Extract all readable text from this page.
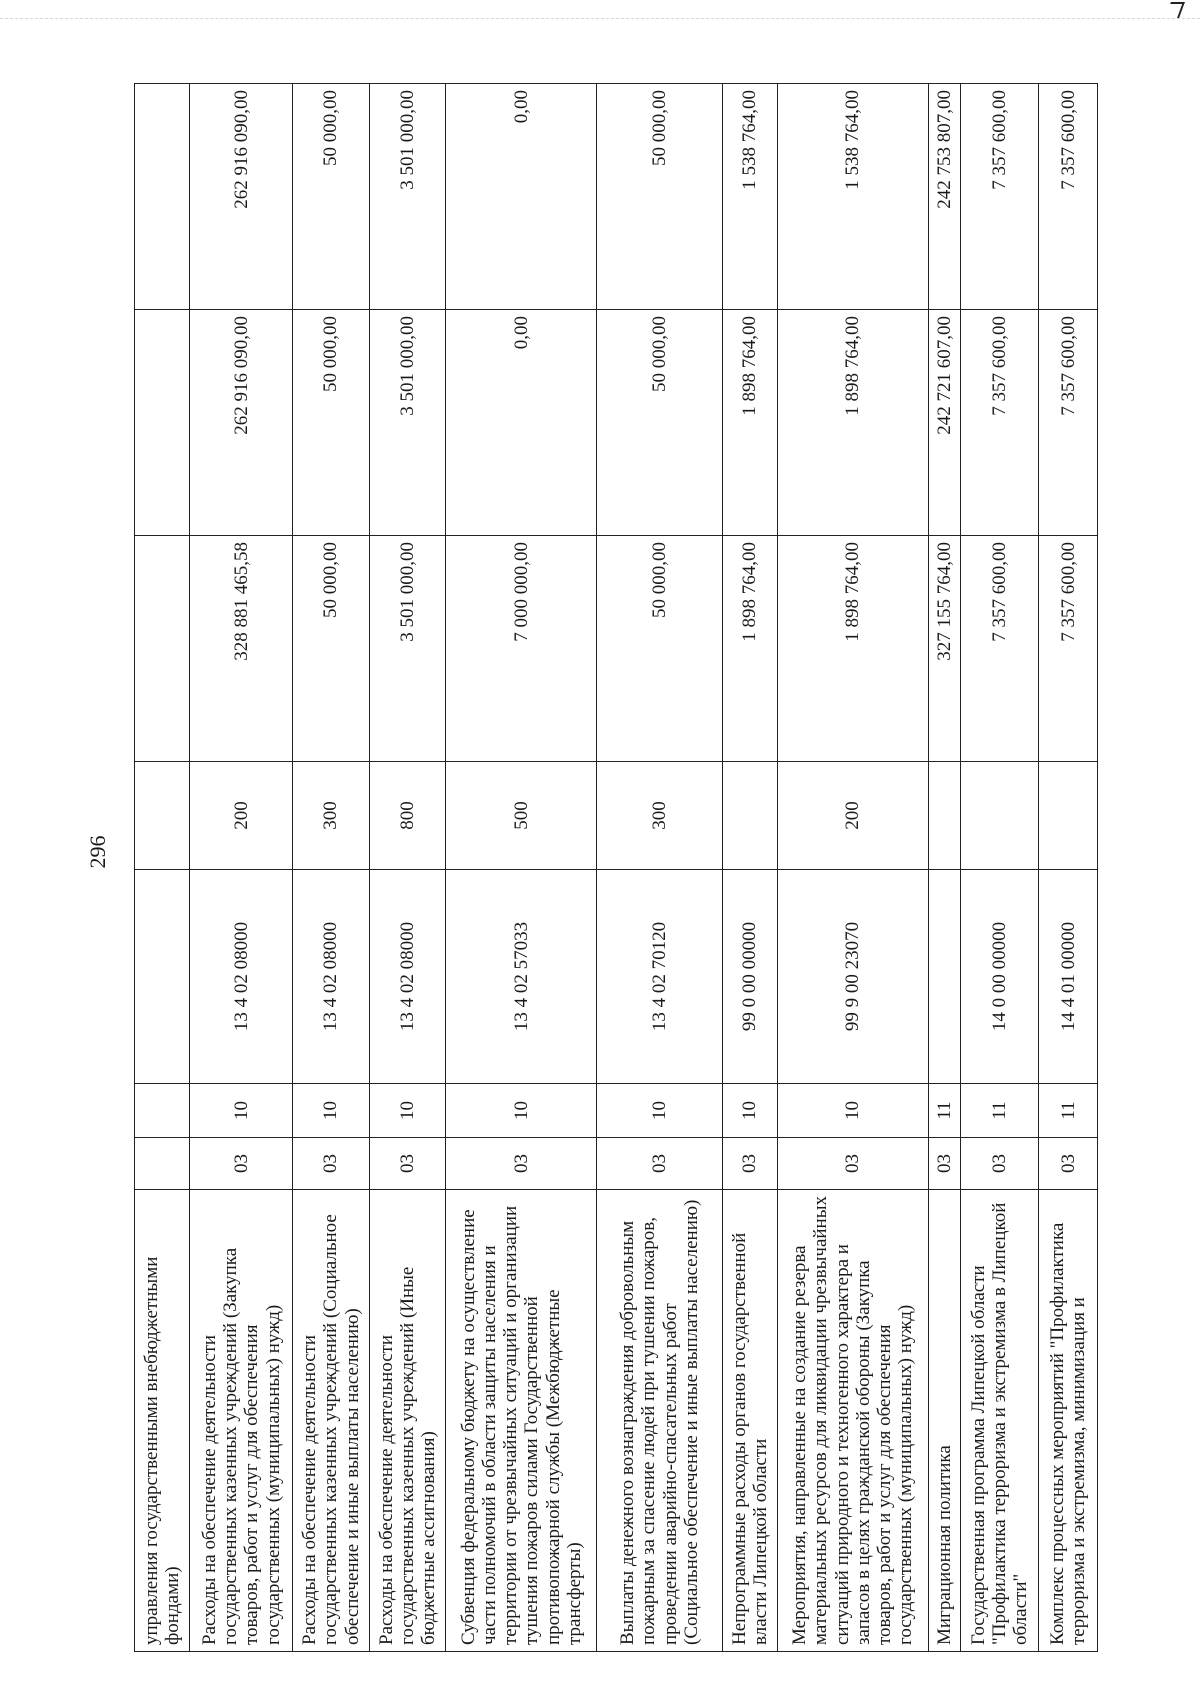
296
управления государственными внебюджетными фондами)							
Расходы на обеспечение деятельности государственных казенных учреждений (Закупка товаров, работ и услуг для обеспечения государственных (муниципальных) нужд)	03	10	13 4 02 08000	200	328 881 465,58	262 916 090,00	262 916 090,00
Расходы на обеспечение деятельности государственных казенных учреждений (Социальное обеспечение и иные выплаты населению)	03	10	13 4 02 08000	300	50 000,00	50 000,00	50 000,00
Расходы на обеспечение деятельности государственных казенных учреждений (Иные бюджетные ассигнования)	03	10	13 4 02 08000	800	3 501 000,00	3 501 000,00	3 501 000,00
Субвенция федеральному бюджету на осуществление части полномочий в области защиты населения и территории от чрезвычайных ситуаций и организации тушения пожаров силами Государственной противопожарной службы (Межбюджетные трансферты)	03	10	13 4 02 57033	500	7 000 000,00	0,00	0,00
Выплаты денежного вознаграждения добровольным пожарным за спасение людей при тушении пожаров, проведении аварийно-спасательных работ (Социальное обеспечение и иные выплаты населению)	03	10	13 4 02 70120	300	50 000,00	50 000,00	50 000,00
Непрограммные расходы органов государственной власти Липецкой области	03	10	99 0 00 00000		1 898 764,00	1 898 764,00	1 538 764,00
Мероприятия, направленные на создание резерва материальных ресурсов для ликвидации чрезвычайных ситуаций природного и техногенного характера и запасов в целях гражданской обороны (Закупка товаров, работ и услуг для обеспечения государственных (муниципальных) нужд)	03	10	99 9 00 23070	200	1 898 764,00	1 898 764,00	1 538 764,00
Миграционная политика	03	11			327 155 764,00	242 721 607,00	242 753 807,00
Государственная программа Липецкой области "Профилактика терроризма и экстремизма в Липецкой области"	03	11	14 0 00 00000		7 357 600,00	7 357 600,00	7 357 600,00
Комплекс процессных мероприятий "Профилактика терроризма и экстремизма, минимизация и	03	11	14 4 01 00000		7 357 600,00	7 357 600,00	7 357 600,00
